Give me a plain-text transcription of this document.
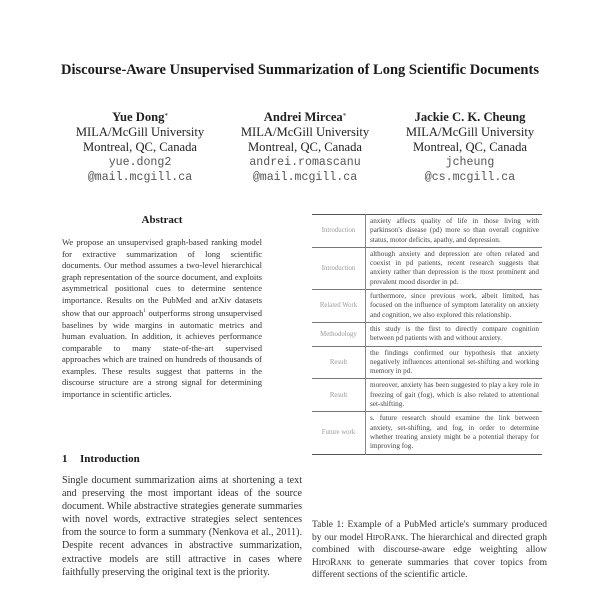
Discourse-Aware Unsupervised Summarization of Long Scientific Documents
Yue Dong*
MILA/McGill University
Montreal, QC, Canada
yue.dong2
@mail.mcgill.ca
Andrei Mircea*
MILA/McGill University
Montreal, QC, Canada
andrei.romascanu
@mail.mcgill.ca
Jackie C. K. Cheung
MILA/McGill University
Montreal, QC, Canada
jcheung
@cs.mcgill.ca
Abstract
We propose an unsupervised graph-based ranking model for extractive summarization of long scientific documents. Our method assumes a two-level hierarchical graph representation of the source document, and exploits asymmetrical positional cues to determine sentence importance. Results on the PubMed and arXiv datasets show that our approach$^1$ outperforms strong unsupervised baselines by wide margins in automatic metrics and human evaluation. In addition, it achieves performance comparable to many state-of-the-art supervised approaches which are trained on hundreds of thousands of examples. These results suggest that patterns in the discourse structure are a strong signal for determining importance in scientific articles.
1 Introduction
Single document summarization aims at shortening a text and preserving the most important ideas of the source document. While abstractive strategies generate summaries with novel words, extractive strategies select sentences from the source to form a summary (Nenkova et al., 2011). Despite recent advances in abstractive summarization, extractive models are still attractive in cases where faithfully preserving the original text is the priority.
Introduction	anxiety affects quality of life in those living with parkinson's disease (pd) more so than overall cognitive status, motor deficits, apathy, and depression.
Introduction	although anxiety and depression are often related and coexist in pd patients, recent research suggests that anxiety rather than depression is the most prominent and prevalent mood disorder in pd.
Related Work	furthermore, since previous work, albeit limited, has focused on the influence of symptom laterality on anxiety and cognition, we also explored this relationship.
Methodology	this study is the first to directly compare cognition between pd patients with and without anxiety.
Result	the findings confirmed our hypothesis that anxiety negatively influences attentional set-shifting and working memory in pd.
Result	moreover, anxiety has been suggested to play a key role in freezing of gait (fog), which is also related to attentional set-shifting.
Future work	s. future research should examine the link between anxiety, set-shifting, and fog, in order to determine whether treating anxiety might be a potential therapy for improving fog.
Table 1: Example of a PubMed article's summary produced by our model HipoRank. The hierarchical and directed graph combined with discourse-aware edge weighting allow HipoRank to generate summaries that cover topics from different sections of the scientific article.
